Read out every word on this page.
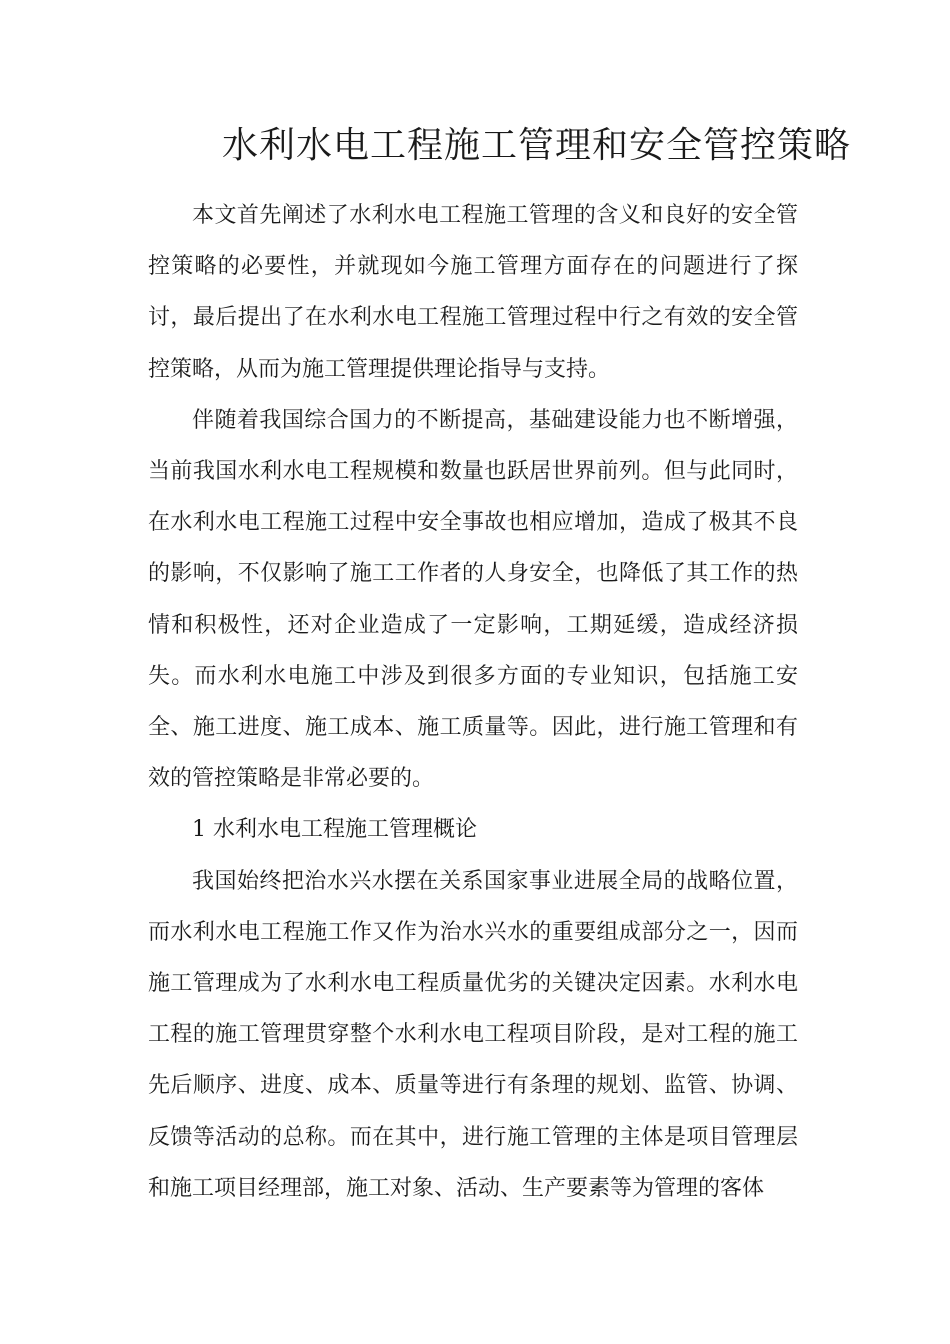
水利水电工程施工管理和安全管控策略

本文首先阐述了水利水电工程施工管理的含义和良好的安全管控策略的必要性，并就现如今施工管理方面存在的问题进行了探讨，最后提出了在水利水电工程施工管理过程中行之有效的安全管控策略，从而为施工管理提供理论指导与支持。

伴随着我国综合国力的不断提高，基础建设能力也不断增强，当前我国水利水电工程规模和数量也跃居世界前列。但与此同时，在水利水电工程施工过程中安全事故也相应增加，造成了极其不良的影响，不仅影响了施工工作者的人身安全，也降低了其工作的热情和积极性，还对企业造成了一定影响，工期延缓，造成经济损失。而水利水电施工中涉及到很多方面的专业知识，包括施工安全、施工进度、施工成本、施工质量等。因此，进行施工管理和有效的管控策略是非常必要的。

1 水利水电工程施工管理概论

我国始终把治水兴水摆在关系国家事业进展全局的战略位置，而水利水电工程施工作又作为治水兴水的重要组成部分之一，因而施工管理成为了水利水电工程质量优劣的关键决定因素。水利水电工程的施工管理贯穿整个水利水电工程项目阶段，是对工程的施工先后顺序、进度、成本、质量等进行有条理的规划、监管、协调、反馈等活动的总称。而在其中，进行施工管理的主体是项目管理层和施工项目经理部，施工对象、活动、生产要素等为管理的客体
